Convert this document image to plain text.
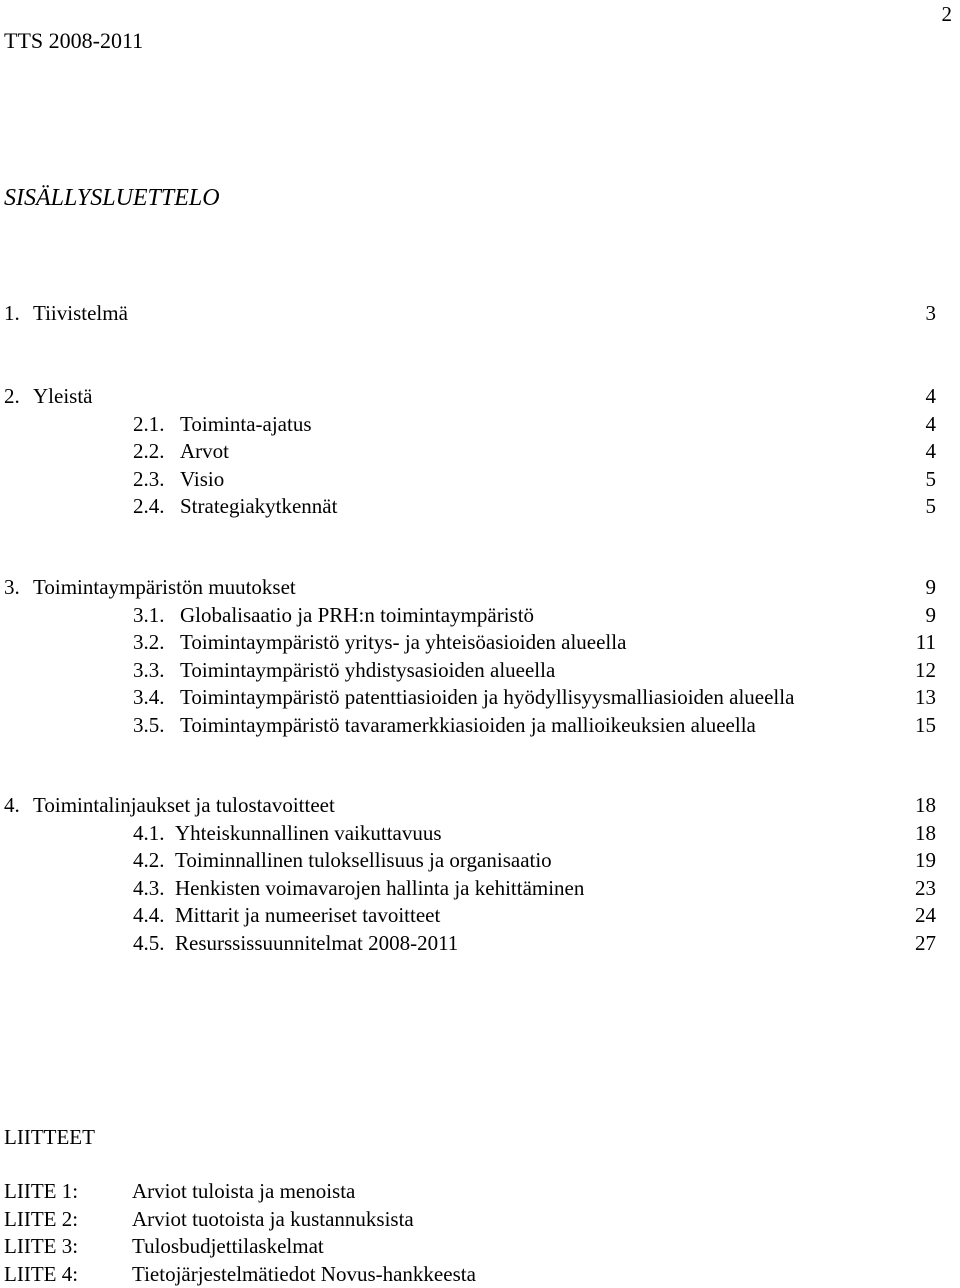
2
TTS 2008-2011
SISÄLLYSLUETTELO
1. Tiivistelmä	3
2. Yleistä	4
2.1. Toiminta-ajatus	4
2.2. Arvot	4
2.3. Visio	5
2.4. Strategiakytkennät	5
3. Toimintaympäristön muutokset	9
3.1. Globalisaatio ja PRH:n toimintaympäristö	9
3.2. Toimintaympäristö yritys- ja yhteisöasioiden alueella	11
3.3. Toimintaympäristö yhdistysasioiden alueella	12
3.4. Toimintaympäristö patenttiasioiden ja hyödyllisyysmalliasioiden alueella	13
3.5. Toimintaympäristö tavaramerkkiasioiden ja mallioikeuksien alueella	15
4. Toimintalinjaukset ja tulostavoitteet	18
4.1. Yhteiskunnallinen vaikuttavuus	18
4.2. Toiminnallinen tuloksellisuus ja organisaatio	19
4.3. Henkisten voimavarojen hallinta ja kehittäminen	23
4.4. Mittarit ja numeeriset tavoitteet	24
4.5. Resurssissuunnitelmat 2008-2011	27
LIITTEET
LIITE 1:	Arviot tuloista ja menoista
LIITE 2:	Arviot tuotoista ja kustannuksista
LIITE 3:	Tulosbudjettilaskelmat
LIITE 4:	Tietojärjestelmätiedot Novus-hankkeesta
